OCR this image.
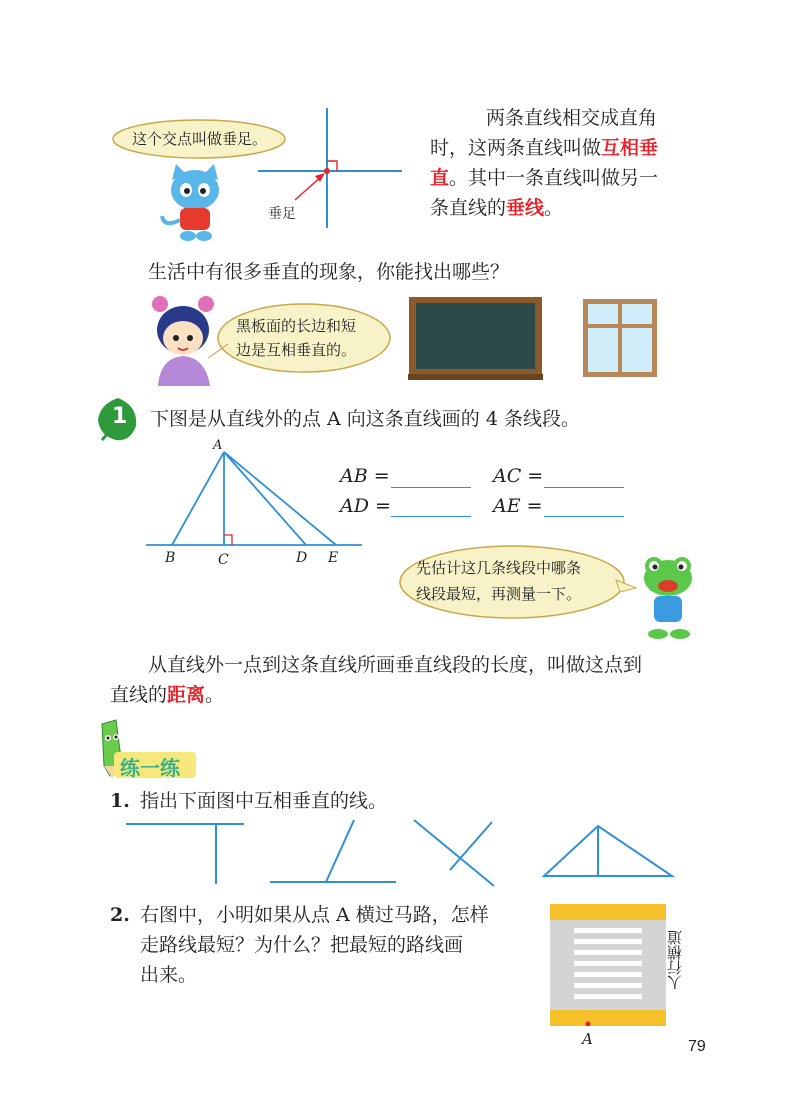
这个交点叫做垂足。
垂足
两条直线相交成直角
时，这两条直线叫做互相垂
直。其中一条直线叫做另一
条直线的垂线。
生活中有很多垂直的现象，你能找出哪些？
黑板面的长边和短
边是互相垂直的。
1 下图是从直线外的点 A 向这条直线画的 4 条线段。
A
B	C	D E
AB =	AC =
AD =	AE =
先估计这几条线段中哪条
线段最短，再测量一下。
从直线外一点到这条直线所画垂直线段的长度，叫做这点到
直线的距离。
练一练
1. 指出下面图中互相垂直的线。
2. 右图中，小明如果从点 A 横过马路，怎样
走路线最短？为什么？把最短的路线画
出来。	人行横道
A	79
